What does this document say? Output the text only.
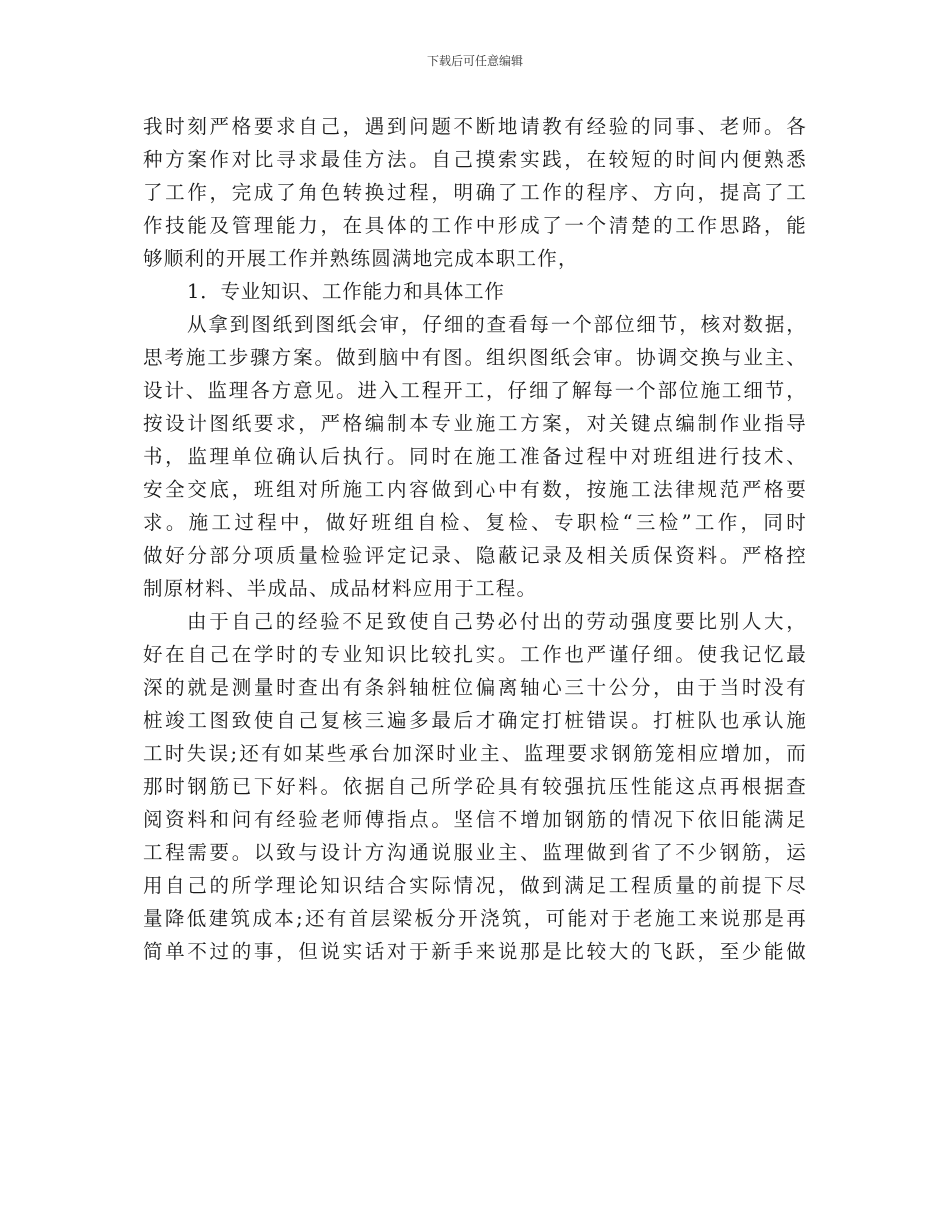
下载后可任意编辑
我时刻严格要求自己，遇到问题不断地请教有经验的同事、老师。各
种方案作对比寻求最佳方法。自己摸索实践，在较短的时间内便熟悉
了工作，完成了角色转换过程，明确了工作的程序、方向，提高了工
作技能及管理能力，在具体的工作中形成了一个清楚的工作思路，能
够顺利的开展工作并熟练圆满地完成本职工作，
1．专业知识、工作能力和具体工作
从拿到图纸到图纸会审，仔细的查看每一个部位细节，核对数据，
思考施工步骤方案。做到脑中有图。组织图纸会审。协调交换与业主、
设计、监理各方意见。进入工程开工，仔细了解每一个部位施工细节，
按设计图纸要求，严格编制本专业施工方案，对关键点编制作业指导
书，监理单位确认后执行。同时在施工准备过程中对班组进行技术、
安全交底，班组对所施工内容做到心中有数，按施工法律规范严格要
求。施工过程中，做好班组自检、复检、专职检“三检”工作，同时
做好分部分项质量检验评定记录、隐蔽记录及相关质保资料。严格控
制原材料、半成品、成品材料应用于工程。
由于自己的经验不足致使自己势必付出的劳动强度要比别人大，
好在自己在学时的专业知识比较扎实。工作也严谨仔细。使我记忆最
深的就是测量时查出有条斜轴桩位偏离轴心三十公分，由于当时没有
桩竣工图致使自己复核三遍多最后才确定打桩错误。打桩队也承认施
工时失误;还有如某些承台加深时业主、监理要求钢筋笼相应增加，而
那时钢筋已下好料。依据自己所学砼具有较强抗压性能这点再根据查
阅资料和问有经验老师傅指点。坚信不增加钢筋的情况下依旧能满足
工程需要。以致与设计方沟通说服业主、监理做到省了不少钢筋，运
用自己的所学理论知识结合实际情况，做到满足工程质量的前提下尽
量降低建筑成本;还有首层梁板分开浇筑，可能对于老施工来说那是再
简单不过的事，但说实话对于新手来说那是比较大的飞跃，至少能做
